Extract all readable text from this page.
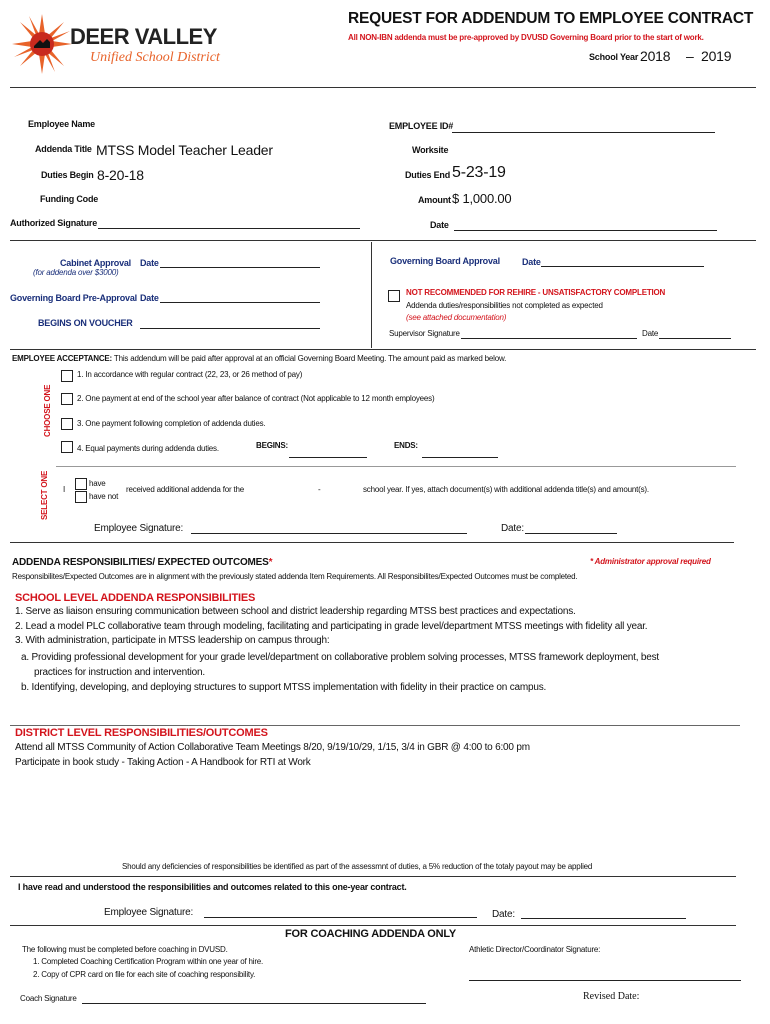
DEER VALLEY
Unified School District
REQUEST FOR ADDENDUM TO EMPLOYEE CONTRACT
All NON-IBN addenda must be pre-approved by DVUSD Governing Board prior to the start of work.
School Year 2018 – 2019
Employee Name	EMPLOYEE ID#
Addenda Title MTSS Model Teacher Leader	Worksite
Duties Begin 8-20-18	Duties End 5-23-19
Funding Code	Amount $ 1,000.00
Authorized Signature	Date
Cabinet Approval
(for addenda over $3000)
Date
Governing Board Pre-Approval Date
BEGINS ON VOUCHER
Governing Board Approval Date
NOT RECOMMENDED FOR REHIRE - UNSATISFACTORY COMPLETION
Addenda duties/responsibilities not completed as expected
(see attached documentation)
Supervisor Signature	Date
EMPLOYEE ACCEPTANCE: This addendum will be paid after approval at an official Governing Board Meeting. The amount paid as marked below.
CHOOSE ONE
1. In accordance with regular contract (22, 23, or 26 method of pay)
2. One payment at end of the school year after balance of contract (Not applicable to 12 month employees)
3. One payment following completion of addenda duties.
4. Equal payments during addenda duties.	BEGINS:	ENDS:
SELECT ONE I
have
have not
received additional addenda for the	-	school year. If yes, attach document(s) with additional addenda title(s) and amount(s).
Employee Signature:	Date:
ADDENDA RESPONSIBILITIES/ EXPECTED OUTCOMES*	* Administrator approval required
Responsibilites/Expected Outcomes are in alignment with the previously stated addenda Item Requirements. All Responsibilites/Expected Outcomes must be completed.
SCHOOL LEVEL ADDENDA RESPONSIBILITIES
1. Serve as liaison ensuring communication between school and district leadership regarding MTSS best practices and expectations.
2. Lead a model PLC collaborative team through modeling, facilitating and participating in grade level/department MTSS meetings with fidelity all year.
3. With administration, participate in MTSS leadership on campus through:
a. Providing professional development for your grade level/department on collaborative problem solving processes, MTSS framework deployment, best
practices for instruction and intervention.
b. Identifying, developing, and deploying structures to support MTSS implementation with fidelity in their practice on campus.
DISTRICT LEVEL RESPONSIBILITIES/OUTCOMES
Attend all MTSS Community of Action Collaborative Team Meetings 8/20, 9/19/10/29, 1/15, 3/4 in GBR @ 4:00 to 6:00 pm
Participate in book study - Taking Action - A Handbook for RTI at Work
Should any deficiencies of responsibilities be identified as part of the assessmnt of duties, a 5% reduction of the totaly payout may be applied
I have read and understood the responsibilities and outcomes related to this one-year contract.
Employee Signature:	Date:
FOR COACHING ADDENDA ONLY
The following must be completed before coaching in DVUSD.
1. Completed Coaching Certification Program within one year of hire.
2. Copy of CPR card on file for each site of coaching responsibility.
Athletic Director/Coordinator Signature:
Coach Signature	Revised Date:
